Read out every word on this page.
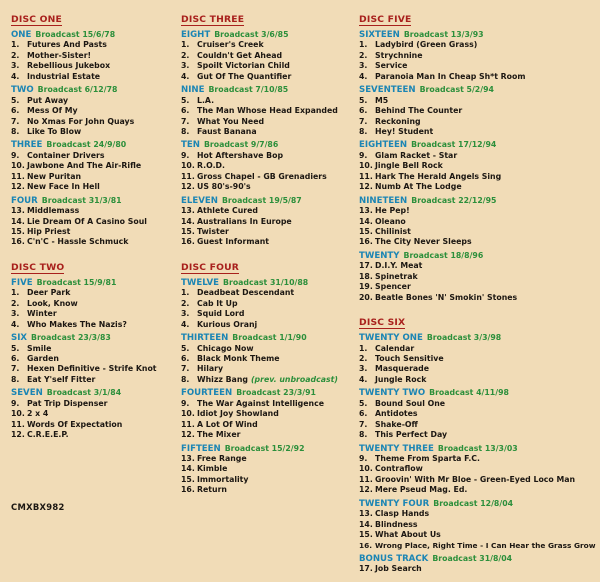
DISC ONE
ONE Broadcast 15/6/78
1. Futures And Pasts
2. Mother-Sister!
3. Rebellious Jukebox
4. Industrial Estate
TWO Broadcast 6/12/78
5. Put Away
6. Mess Of My
7. No Xmas For John Quays
8. Like To Blow
THREE Broadcast 24/9/80
9. Container Drivers
10. Jawbone And The Air-Rifle
11. New Puritan
12. New Face In Hell
FOUR Broadcast 31/3/81
13. Middlemass
14. Lie Dream Of A Casino Soul
15. Hip Priest
16. C'n'C - Hassle Schmuck
DISC TWO
FIVE Broadcast 15/9/81
1. Deer Park
2. Look, Know
3. Winter
4. Who Makes The Nazis?
SIX Broadcast 23/3/83
5. Smile
6. Garden
7. Hexen Definitive - Strife Knot
8. Eat Y'self Fitter
SEVEN Broadcast 3/1/84
9. Pat Trip Dispenser
10. 2 x 4
11. Words Of Expectation
12. C.R.E.E.P.
DISC THREE
EIGHT Broadcast 3/6/85
1. Cruiser's Creek
2. Couldn't Get Ahead
3. Spoilt Victorian Child
4. Gut Of The Quantifier
NINE Broadcast 7/10/85
5. L.A.
6. The Man Whose Head Expanded
7. What You Need
8. Faust Banana
TEN Broadcast 9/7/86
9. Hot Aftershave Bop
10. R.O.D.
11. Gross Chapel - GB Grenadiers
12. US 80's-90's
ELEVEN Broadcast 19/5/87
13. Athlete Cured
14. Australians In Europe
15. Twister
16. Guest Informant
DISC FOUR
TWELVE Broadcast 31/10/88
1. Deadbeat Descendant
2. Cab It Up
3. Squid Lord
4. Kurious Oranj
THIRTEEN Broadcast 1/1/90
5. Chicago Now
6. Black Monk Theme
7. Hilary
8. Whizz Bang (prev. unbroadcast)
FOURTEEN Broadcast 23/3/91
9. The War Against Intelligence
10. Idiot Joy Showland
11. A Lot Of Wind
12. The Mixer
FIFTEEN Broadcast 15/2/92
13. Free Range
14. Kimble
15. Immortality
16. Return
DISC FIVE
SIXTEEN Broadcast 13/3/93
1. Ladybird (Green Grass)
2. Strychnine
3. Service
4. Paranoia Man In Cheap Sh*t Room
SEVENTEEN Broadcast 5/2/94
5. M5
6. Behind The Counter
7. Reckoning
8. Hey! Student
EIGHTEEN Broadcast 17/12/94
9. Glam Racket - Star
10. Jingle Bell Rock
11. Hark The Herald Angels Sing
12. Numb At The Lodge
NINETEEN Broadcast 22/12/95
13. He Pep!
14. Oleano
15. Chilinist
16. The City Never Sleeps
TWENTY Broadcast 18/8/96
17. D.I.Y. Meat
18. Spinetrak
19. Spencer
20. Beatle Bones 'N' Smokin' Stones
DISC SIX
TWENTY ONE Broadcast 3/3/98
1. Calendar
2. Touch Sensitive
3. Masquerade
4. Jungle Rock
TWENTY TWO Broadcast 4/11/98
5. Bound Soul One
6. Antidotes
7. Shake-Off
8. This Perfect Day
TWENTY THREE Broadcast 13/3/03
9. Theme From Sparta F.C.
10. Contraflow
11. Groovin' With Mr Bloe - Green-Eyed Loco Man
12. Mere Pseud Mag. Ed.
TWENTY FOUR Broadcast 12/8/04
13. Clasp Hands
14. Blindness
15. What About Us
16. Wrong Place, Right Time - I Can Hear the Grass Grow
BONUS TRACK Broadcast 31/8/04
17. Job Search
CMXBX982
